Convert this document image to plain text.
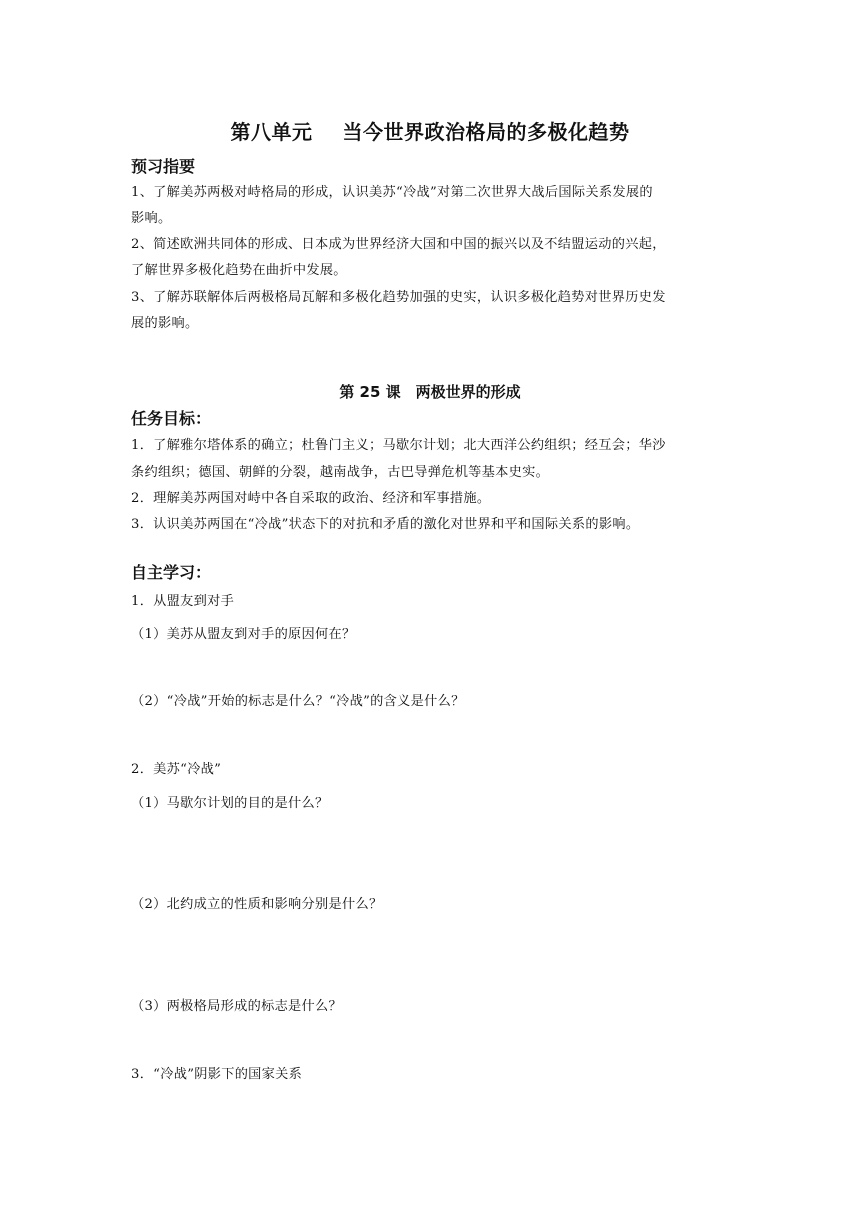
第八单元 当今世界政治格局的多极化趋势
预习指要
1、了解美苏两极对峙格局的形成，认识美苏“冷战”对第二次世界大战后国际关系发展的
影响。
2、简述欧洲共同体的形成、日本成为世界经济大国和中国的振兴以及不结盟运动的兴起，
了解世界多极化趋势在曲折中发展。
3、了解苏联解体后两极格局瓦解和多极化趋势加强的史实，认识多极化趋势对世界历史发
展的影响。
第 25 课　两极世界的形成
任务目标：
1．了解雅尔塔体系的确立；杜鲁门主义；马歇尔计划；北大西洋公约组织；经互会；华沙
条约组织；德国、朝鲜的分裂，越南战争，古巴导弹危机等基本史实。
2．理解美苏两国对峙中各自采取的政治、经济和军事措施。
3．认识美苏两国在“冷战”状态下的对抗和矛盾的激化对世界和平和国际关系的影响。
自主学习：
1．从盟友到对手
（1）美苏从盟友到对手的原因何在？
（2）“冷战”开始的标志是什么？“冷战”的含义是什么？
2．美苏“冷战”
（1）马歇尔计划的目的是什么？
（2）北约成立的性质和影响分别是什么？
（3）两极格局形成的标志是什么？
3．“冷战”阴影下的国家关系
